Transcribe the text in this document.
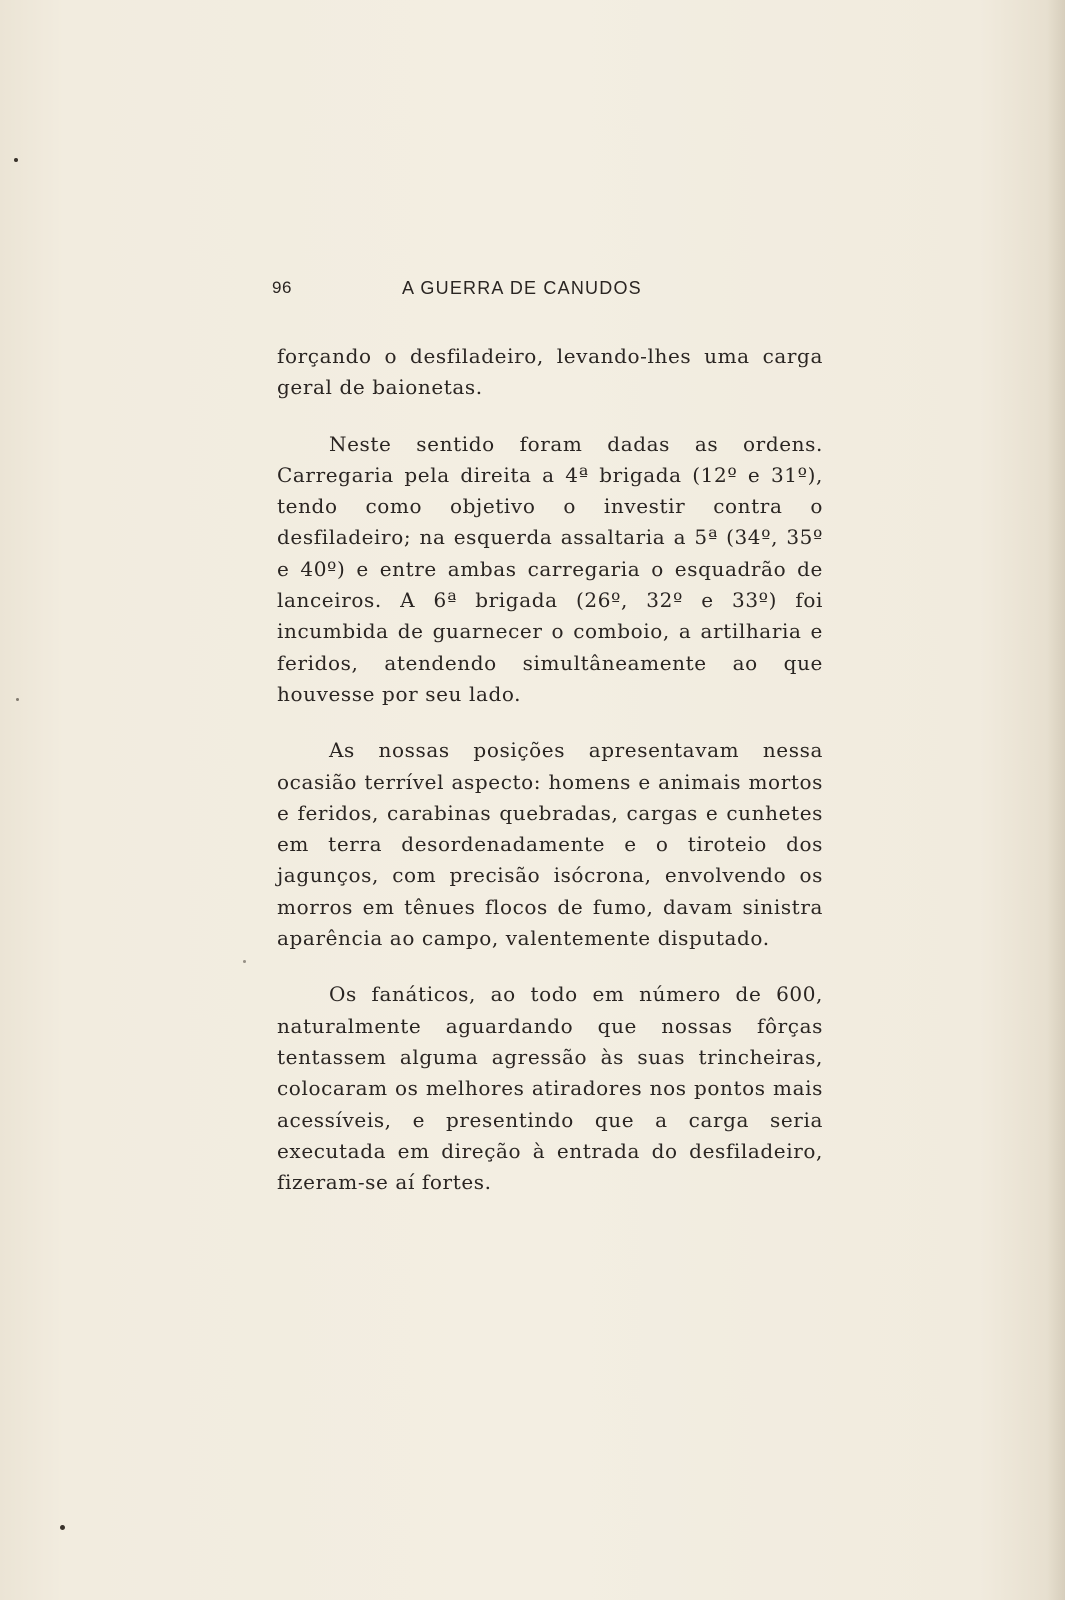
96	A GUERRA DE CANUDOS

forçando o desfiladeiro, levando-lhes uma carga geral de baionetas.

Neste sentido foram dadas as ordens. Carregaria pela direita a 4ª brigada (12º e 31º), tendo como objetivo o investir contra o desfiladeiro; na esquerda assaltaria a 5ª (34º, 35º e 40º) e entre ambas carregaria o esquadrão de lanceiros. A 6ª brigada (26º, 32º e 33º) foi incumbida de guarnecer o comboio, a artilharia e feridos, atendendo simultâneamente ao que houvesse por seu lado.

As nossas posições apresentavam nessa ocasião terrível aspecto: homens e animais mortos e feridos, carabinas quebradas, cargas e cunhetes em terra desordenadamente e o tiroteio dos jagunços, com precisão isócrona, envolvendo os morros em tênues flocos de fumo, davam sinistra aparência ao campo, valentemente disputado.

Os fanáticos, ao todo em número de 600, naturalmente aguardando que nossas fôrças tentassem alguma agressão às suas trincheiras, colocaram os melhores atiradores nos pontos mais acessíveis, e presentindo que a carga seria executada em direção à entrada do desfiladeiro, fizeram-se aí fortes.
